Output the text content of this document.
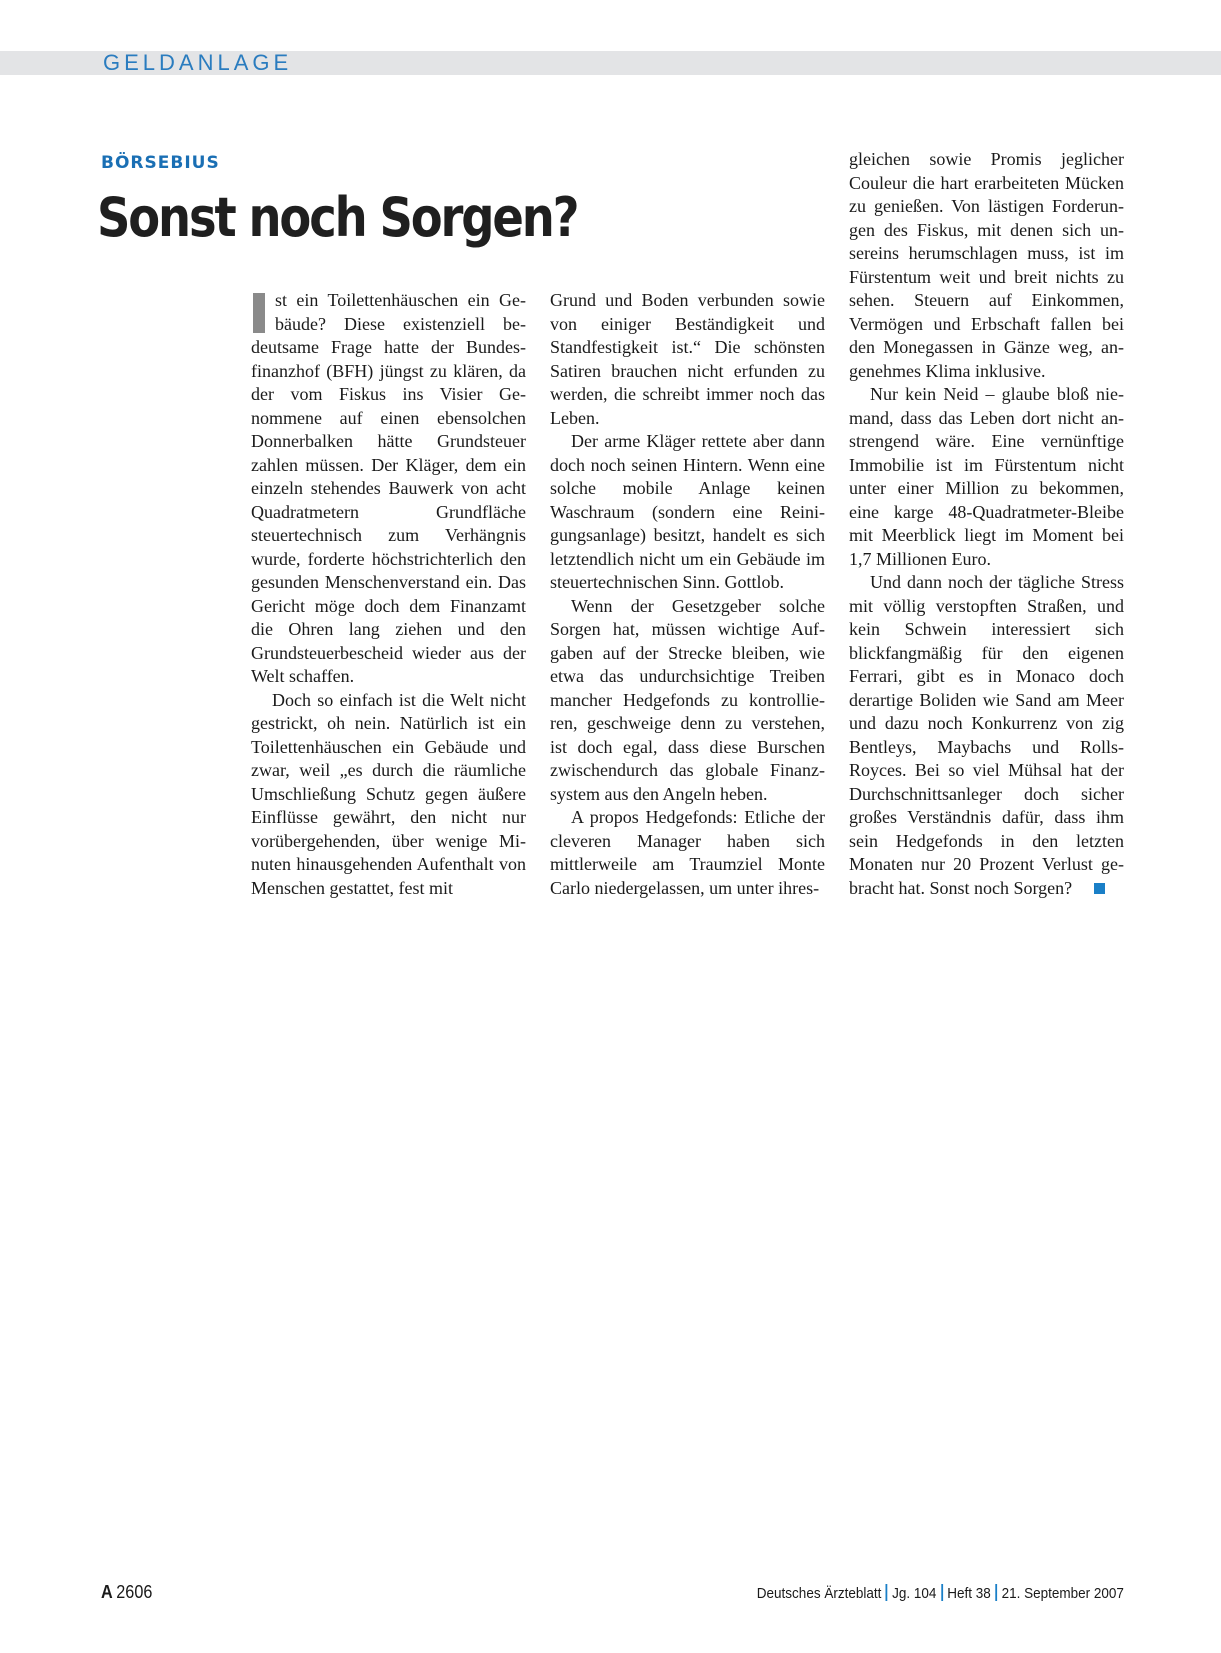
GELDANLAGE
BÖRSEBIUS
Sonst noch Sorgen?

st ein Toilettenhäuschen ein Gebäude? Diese existenziell bedeutsame Frage hatte der Bundesfinanzhof (BFH) jüngst zu klären, da der vom Fiskus ins Visier Genommene auf einen ebensolchen Donnerbalken hätte Grundsteuer zahlen müssen. Der Kläger, dem ein einzeln stehendes Bauwerk von acht Quadratmetern Grundfläche steuertechnisch zum Verhängnis wurde, forderte höchstrichterlich den gesunden Menschenverstand ein. Das Gericht möge doch dem Finanzamt die Ohren lang ziehen und den Grundsteuerbescheid wieder aus der Welt schaffen.

Doch so einfach ist die Welt nicht gestrickt, oh nein. Natürlich ist ein Toilettenhäuschen ein Gebäude und zwar, weil „es durch die räumliche Umschließung Schutz gegen äußere Einflüsse gewährt, den nicht nur vorübergehenden, über wenige Minuten hinausgehenden Aufenthalt von Menschen gestattet, fest mit

Grund und Boden verbunden sowie von einiger Beständigkeit und Standfestigkeit ist.“ Die schönsten Satiren brauchen nicht erfunden zu werden, die schreibt immer noch das Leben.

Der arme Kläger rettete aber dann doch noch seinen Hintern. Wenn eine solche mobile Anlage keinen Waschraum (sondern eine Reinigungsanlage) besitzt, handelt es sich letztendlich nicht um ein Gebäude im steuertechnischen Sinn. Gottlob.

Wenn der Gesetzgeber solche Sorgen hat, müssen wichtige Aufgaben auf der Strecke bleiben, wie etwa das undurchsichtige Treiben mancher Hedgefonds zu kontrollieren, geschweige denn zu verstehen, ist doch egal, dass diese Burschen zwischendurch das globale Finanzsystem aus den Angeln heben.

A propos Hedgefonds: Etliche der cleveren Manager haben sich mittlerweile am Traumziel Monte Carlo niedergelassen, um unter ihres-

gleichen sowie Promis jeglicher Couleur die hart erarbeiteten Mücken zu genießen. Von lästigen Forderungen des Fiskus, mit denen sich unsereins herumschlagen muss, ist im Fürstentum weit und breit nichts zu sehen. Steuern auf Einkommen, Vermögen und Erbschaft fallen bei den Monegassen in Gänze weg, angenehmes Klima inklusive.

Nur kein Neid – glaube bloß niemand, dass das Leben dort nicht anstrengend wäre. Eine vernünftige Immobilie ist im Fürstentum nicht unter einer Million zu bekommen, eine karge 48-Quadratmeter-Bleibe mit Meerblick liegt im Moment bei 1,7 Millionen Euro.

Und dann noch der tägliche Stress mit völlig verstopften Straßen, und kein Schwein interessiert sich blickfangmäßig für den eigenen Ferrari, gibt es in Monaco doch derartige Boliden wie Sand am Meer und dazu noch Konkurrenz von zig Bentleys, Maybachs und Rolls-Royces. Bei so viel Mühsal hat der Durchschnittsanleger doch sicher großes Verständnis dafür, dass ihm sein Hedgefonds in den letzten Monaten nur 20 Prozent Verlust gebracht hat. Sonst noch Sorgen?

A 2606	Deutsches Ärzteblatt Jg. 104 Heft 38 21. September 2007
